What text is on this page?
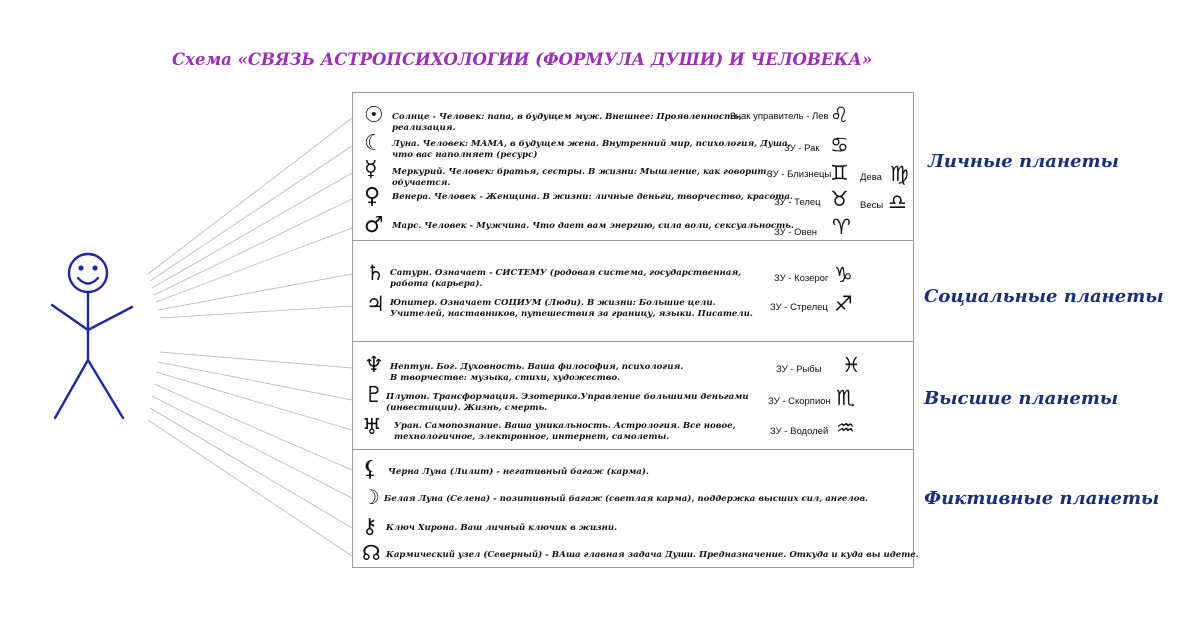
Схема «СВЯЗЬ АСТРОПСИХОЛОГИИ (ФОРМУЛА ДУШИ) И ЧЕЛОВЕКА»
☉ Солнце - Человек: папа, в будущем муж. Внешнее: Проявленность,
реализация.
Знак управитель - Лев ♌
☾ Луна. Человек: МАМА, в будущем жена. Внутренний мир, психология, Душа,
что вас наполняет (ресурс)
ЗУ - Рак ♋
☿ Меркурий. Человек: братья, сестры. В жизни: Мышление, как говорит,
обучается.
ЗУ - Близнецы
♊
♀ Венера. Человек - Женщина. В жизни: личные деньги, творчество, красота.
ЗУ - Телец ♉
♂ Марс. Человек - Мужчина. Что дает вам энергию, сила воли, сексуальность.
ЗУ - Овен ♈
Дева ♍
Весы ♎
♄ Сатурн. Означает - СИСТЕМУ (родовая система, государственная,
работа (карьера).	ЗУ - Козерог ♑
♃ Юпитер. Означает СОЦИУМ (Люди). В жизни: Большие цели.
Учителей, наставников, путешествия за границу, языки. Писатели.
ЗУ - Стрелец ♐
♆ Нептун. Бог. Духовность. Ваша философия, психология.
В творчестве: музыка, стихи, художество.
ЗУ - Рыбы ♓
♇ Плутон. Трансформация. Эзотерика.Управление большими деньгами
(инвестиции). Жизнь, смерть.
ЗУ - Скорпион ♏
♅ Уран. Самопознание. Ваша уникальность. Астрология. Все новое,
технологичное, электронное, интернет, самолеты.	ЗУ - Водолей ♒
⚸ Черна Луна (Лилит) - негативный багаж (карма).
☽ Белая Луна (Селена) - позитивный багаж (светлая карма), поддержка высших сил, ангелов.
⚷ Ключ Хирона. Ваш личный ключик в жизни.
☊ Кармический узел (Северный) - ВАша главная задача Души. Предназначение. Откуда и куда вы идете.
Личные планеты
Социальные планеты
Высшие планеты
Фиктивные планеты
